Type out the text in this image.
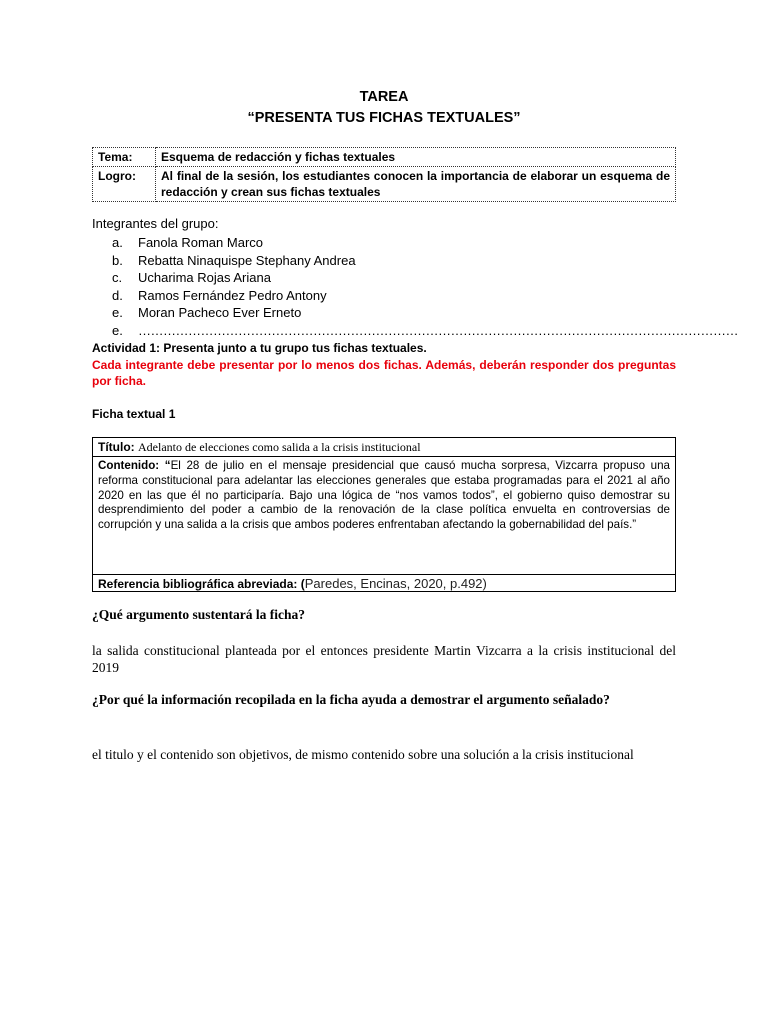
TAREA
“PRESENTA TUS FICHAS TEXTUALES”
Tema:	Esquema de redacción y fichas textuales
Logro:	Al final de la sesión, los estudiantes conocen la importancia de elaborar un esquema de redacción y crean sus fichas textuales
Integrantes del grupo:
a. Fanola Roman Marco
b. Rebatta Ninaquispe Stephany Andrea
c. Ucharima Rojas Ariana
d. Ramos Fernández Pedro Antony
e. Moran Pacheco Ever Erneto
e. ………………………………………………………………………………………………………………………………
Actividad 1: Presenta junto a tu grupo tus fichas textuales.
Cada integrante debe presentar por lo menos dos fichas. Además, deberán responder dos preguntas por ficha.
Ficha textual 1
Título: Adelanto de elecciones como salida a la crisis institucional
Contenido: “El 28 de julio en el mensaje presidencial que causó mucha sorpresa, Vizcarra propuso una reforma constitucional para adelantar las elecciones generales que estaba programadas para el 2021 al año 2020 en las que él no participaría. Bajo una lógica de “nos vamos todos”, el gobierno quiso demostrar su desprendimiento del poder a cambio de la renovación de la clase política envuelta en controversias de corrupción y una salida a la crisis que ambos poderes enfrentaban afectando la gobernabilidad del país.”
Referencia bibliográfica abreviada: (Paredes, Encinas, 2020, p.492)
¿Qué argumento sustentará la ficha?
la salida constitucional planteada por el entonces presidente Martin Vizcarra a la crisis institucional del 2019
¿Por qué la información recopilada en la ficha ayuda a demostrar el argumento señalado?
el titulo y el contenido son objetivos, de mismo contenido sobre una solución a la crisis institucional
